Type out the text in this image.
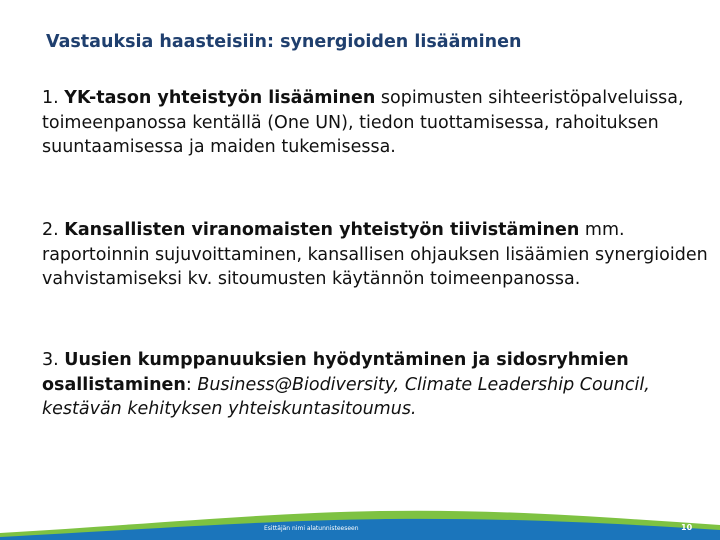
Vastauksia haasteisiin: synergioiden lisääminen

1. YK-tason yhteistyön lisääminen sopimusten sihteeristöpalveluissa, toimeenpanossa kentällä (One UN), tiedon tuottamisessa, rahoituksen suuntaamisessa ja maiden tukemisessa.

2. Kansallisten viranomaisten yhteistyön tiivistäminen mm. raportoinnin sujuvoittaminen, kansallisen ohjauksen lisäämien synergioiden vahvistamiseksi kv. sitoumusten käytännön toimeenpanossa.

3. Uusien kumppanuuksien hyödyntäminen ja sidosryhmien osallistaminen: Business@Biodiversity, Climate Leadership Council, kestävän kehityksen yhteiskuntasitoumus.

Esittäjän nimi alatunnisteeseen	10
